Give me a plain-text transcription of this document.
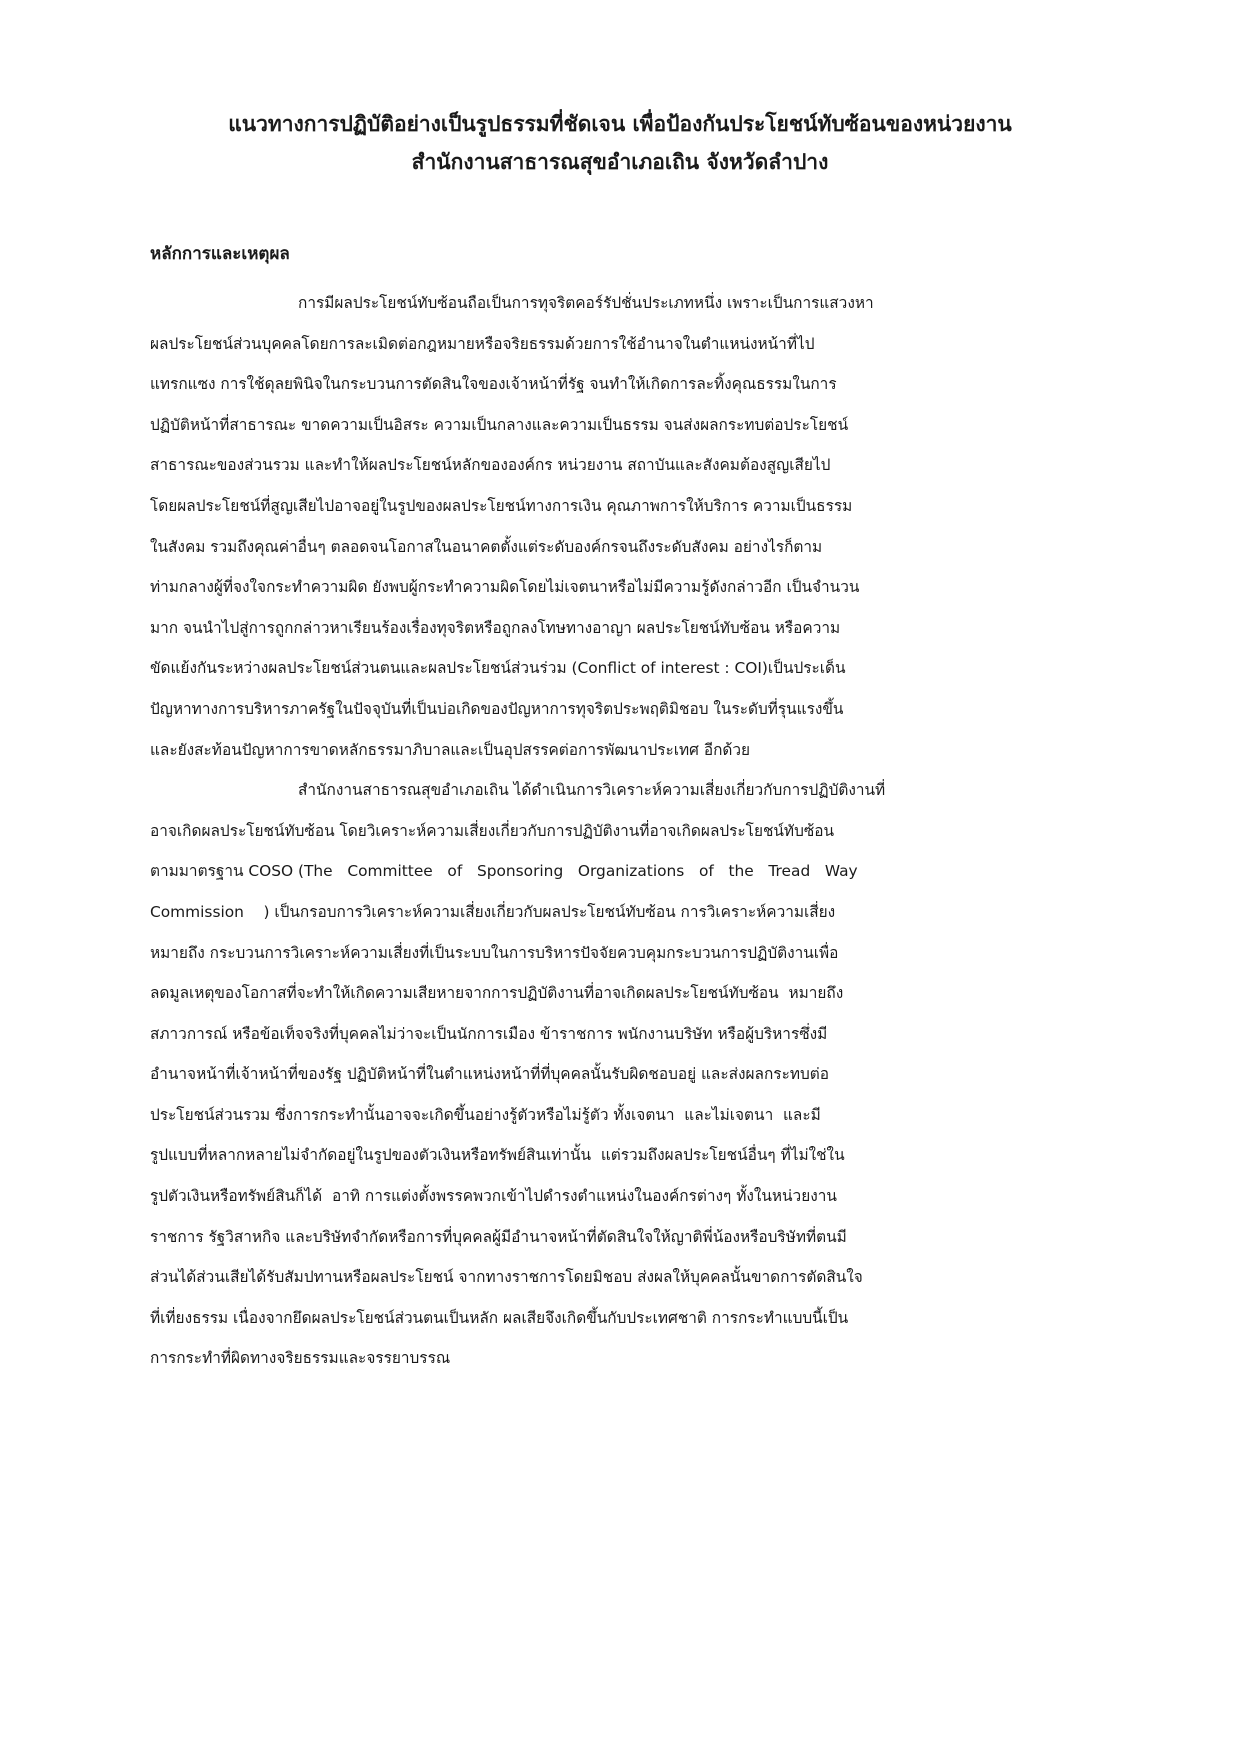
แนวทางการปฏิบัติอย่างเป็นรูปธรรมที่ชัดเจน เพื่อป้องกันประโยชน์ทับซ้อนของหน่วยงาน

สำนักงานสาธารณสุขอำเภอเถิน จังหวัดลำปาง

หลักการและเหตุผล

การมีผลประโยชน์ทับซ้อนถือเป็นการทุจริตคอร์รัปชั่นประเภทหนึ่ง เพราะเป็นการแสวงหา
ผลประโยชน์ส่วนบุคคลโดยการละเมิดต่อกฎหมายหรือจริยธรรมด้วยการใช้อำนาจในตำแหน่งหน้าที่ไป
แทรกแซง การใช้ดุลยพินิจในกระบวนการตัดสินใจของเจ้าหน้าที่รัฐ จนทำให้เกิดการละทิ้งคุณธรรมในการ
ปฏิบัติหน้าที่สาธารณะ ขาดความเป็นอิสระ ความเป็นกลางและความเป็นธรรม จนส่งผลกระทบต่อประโยชน์
สาธารณะของส่วนรวม และทำให้ผลประโยชน์หลักขององค์กร หน่วยงาน สถาบันและสังคมต้องสูญเสียไป
โดยผลประโยชน์ที่สูญเสียไปอาจอยู่ในรูปของผลประโยชน์ทางการเงิน คุณภาพการให้บริการ ความเป็นธรรม
ในสังคม รวมถึงคุณค่าอื่นๆ ตลอดจนโอกาสในอนาคตตั้งแต่ระดับองค์กรจนถึงระดับสังคม อย่างไรก็ตาม
ท่ามกลางผู้ที่จงใจกระทำความผิด ยังพบผู้กระทำความผิดโดยไม่เจตนาหรือไม่มีความรู้ดังกล่าวอีก เป็นจำนวน
มาก จนนำไปสู่การถูกกล่าวหาเรียนร้องเรื่องทุจริตหรือถูกลงโทษทางอาญา ผลประโยชน์ทับซ้อน หรือความ
ขัดแย้งกันระหว่างผลประโยชน์ส่วนตนและผลประโยชน์ส่วนร่วม (Conflict of interest : COI)เป็นประเด็น
ปัญหาทางการบริหารภาครัฐในปัจจุบันที่เป็นบ่อเกิดของปัญหาการทุจริตประพฤติมิชอบ ในระดับที่รุนแรงขึ้น
และยังสะท้อนปัญหาการขาดหลักธรรมาภิบาลและเป็นอุปสรรคต่อการพัฒนาประเทศ อีกด้วย

สำนักงานสาธารณสุขอำเภอเถิน ได้ดำเนินการวิเคราะห์ความเสี่ยงเกี่ยวกับการปฏิบัติงานที่
อาจเกิดผลประโยชน์ทับซ้อน โดยวิเคราะห์ความเสี่ยงเกี่ยวกับการปฏิบัติงานที่อาจเกิดผลประโยชน์ทับซ้อน
ตามมาตรฐาน COSO (The   Committee   of   Sponsoring   Organizations   of   the   Tread   Way
Commission    ) เป็นกรอบการวิเคราะห์ความเสี่ยงเกี่ยวกับผลประโยชน์ทับซ้อน การวิเคราะห์ความเสี่ยง
หมายถึง กระบวนการวิเคราะห์ความเสี่ยงที่เป็นระบบในการบริหารปัจจัยควบคุมกระบวนการปฏิบัติงานเพื่อ
ลดมูลเหตุของโอกาสที่จะทำให้เกิดความเสียหายจากการปฏิบัติงานที่อาจเกิดผลประโยชน์ทับซ้อน  หมายถึง
สภาวการณ์ หรือข้อเท็จจริงที่บุคคลไม่ว่าจะเป็นนักการเมือง ข้าราชการ พนักงานบริษัท หรือผู้บริหารซึ่งมี
อำนาจหน้าที่เจ้าหน้าที่ของรัฐ ปฏิบัติหน้าที่ในตำแหน่งหน้าที่ที่บุคคลนั้นรับผิดชอบอยู่ และส่งผลกระทบต่อ
ประโยชน์ส่วนรวม ซึ่งการกระทำนั้นอาจจะเกิดขึ้นอย่างรู้ตัวหรือไม่รู้ตัว ทั้งเจตนา  และไม่เจตนา  และมี
รูปแบบที่หลากหลายไม่จำกัดอยู่ในรูปของตัวเงินหรือทรัพย์สินเท่านั้น  แต่รวมถึงผลประโยชน์อื่นๆ ที่ไม่ใช่ใน
รูปตัวเงินหรือทรัพย์สินก็ได้  อาทิ การแต่งตั้งพรรคพวกเข้าไปดำรงตำแหน่งในองค์กรต่างๆ ทั้งในหน่วยงาน
ราชการ รัฐวิสาหกิจ และบริษัทจำกัดหรือการที่บุคคลผู้มีอำนาจหน้าที่ตัดสินใจให้ญาติพี่น้องหรือบริษัทที่ตนมี
ส่วนได้ส่วนเสียได้รับสัมปทานหรือผลประโยชน์ จากทางราชการโดยมิชอบ ส่งผลให้บุคคลนั้นขาดการตัดสินใจ
ที่เที่ยงธรรม เนื่องจากยึดผลประโยชน์ส่วนตนเป็นหลัก ผลเสียจึงเกิดขึ้นกับประเทศชาติ การกระทำแบบนี้เป็น
การกระทำที่ผิดทางจริยธรรมและจรรยาบรรณ
